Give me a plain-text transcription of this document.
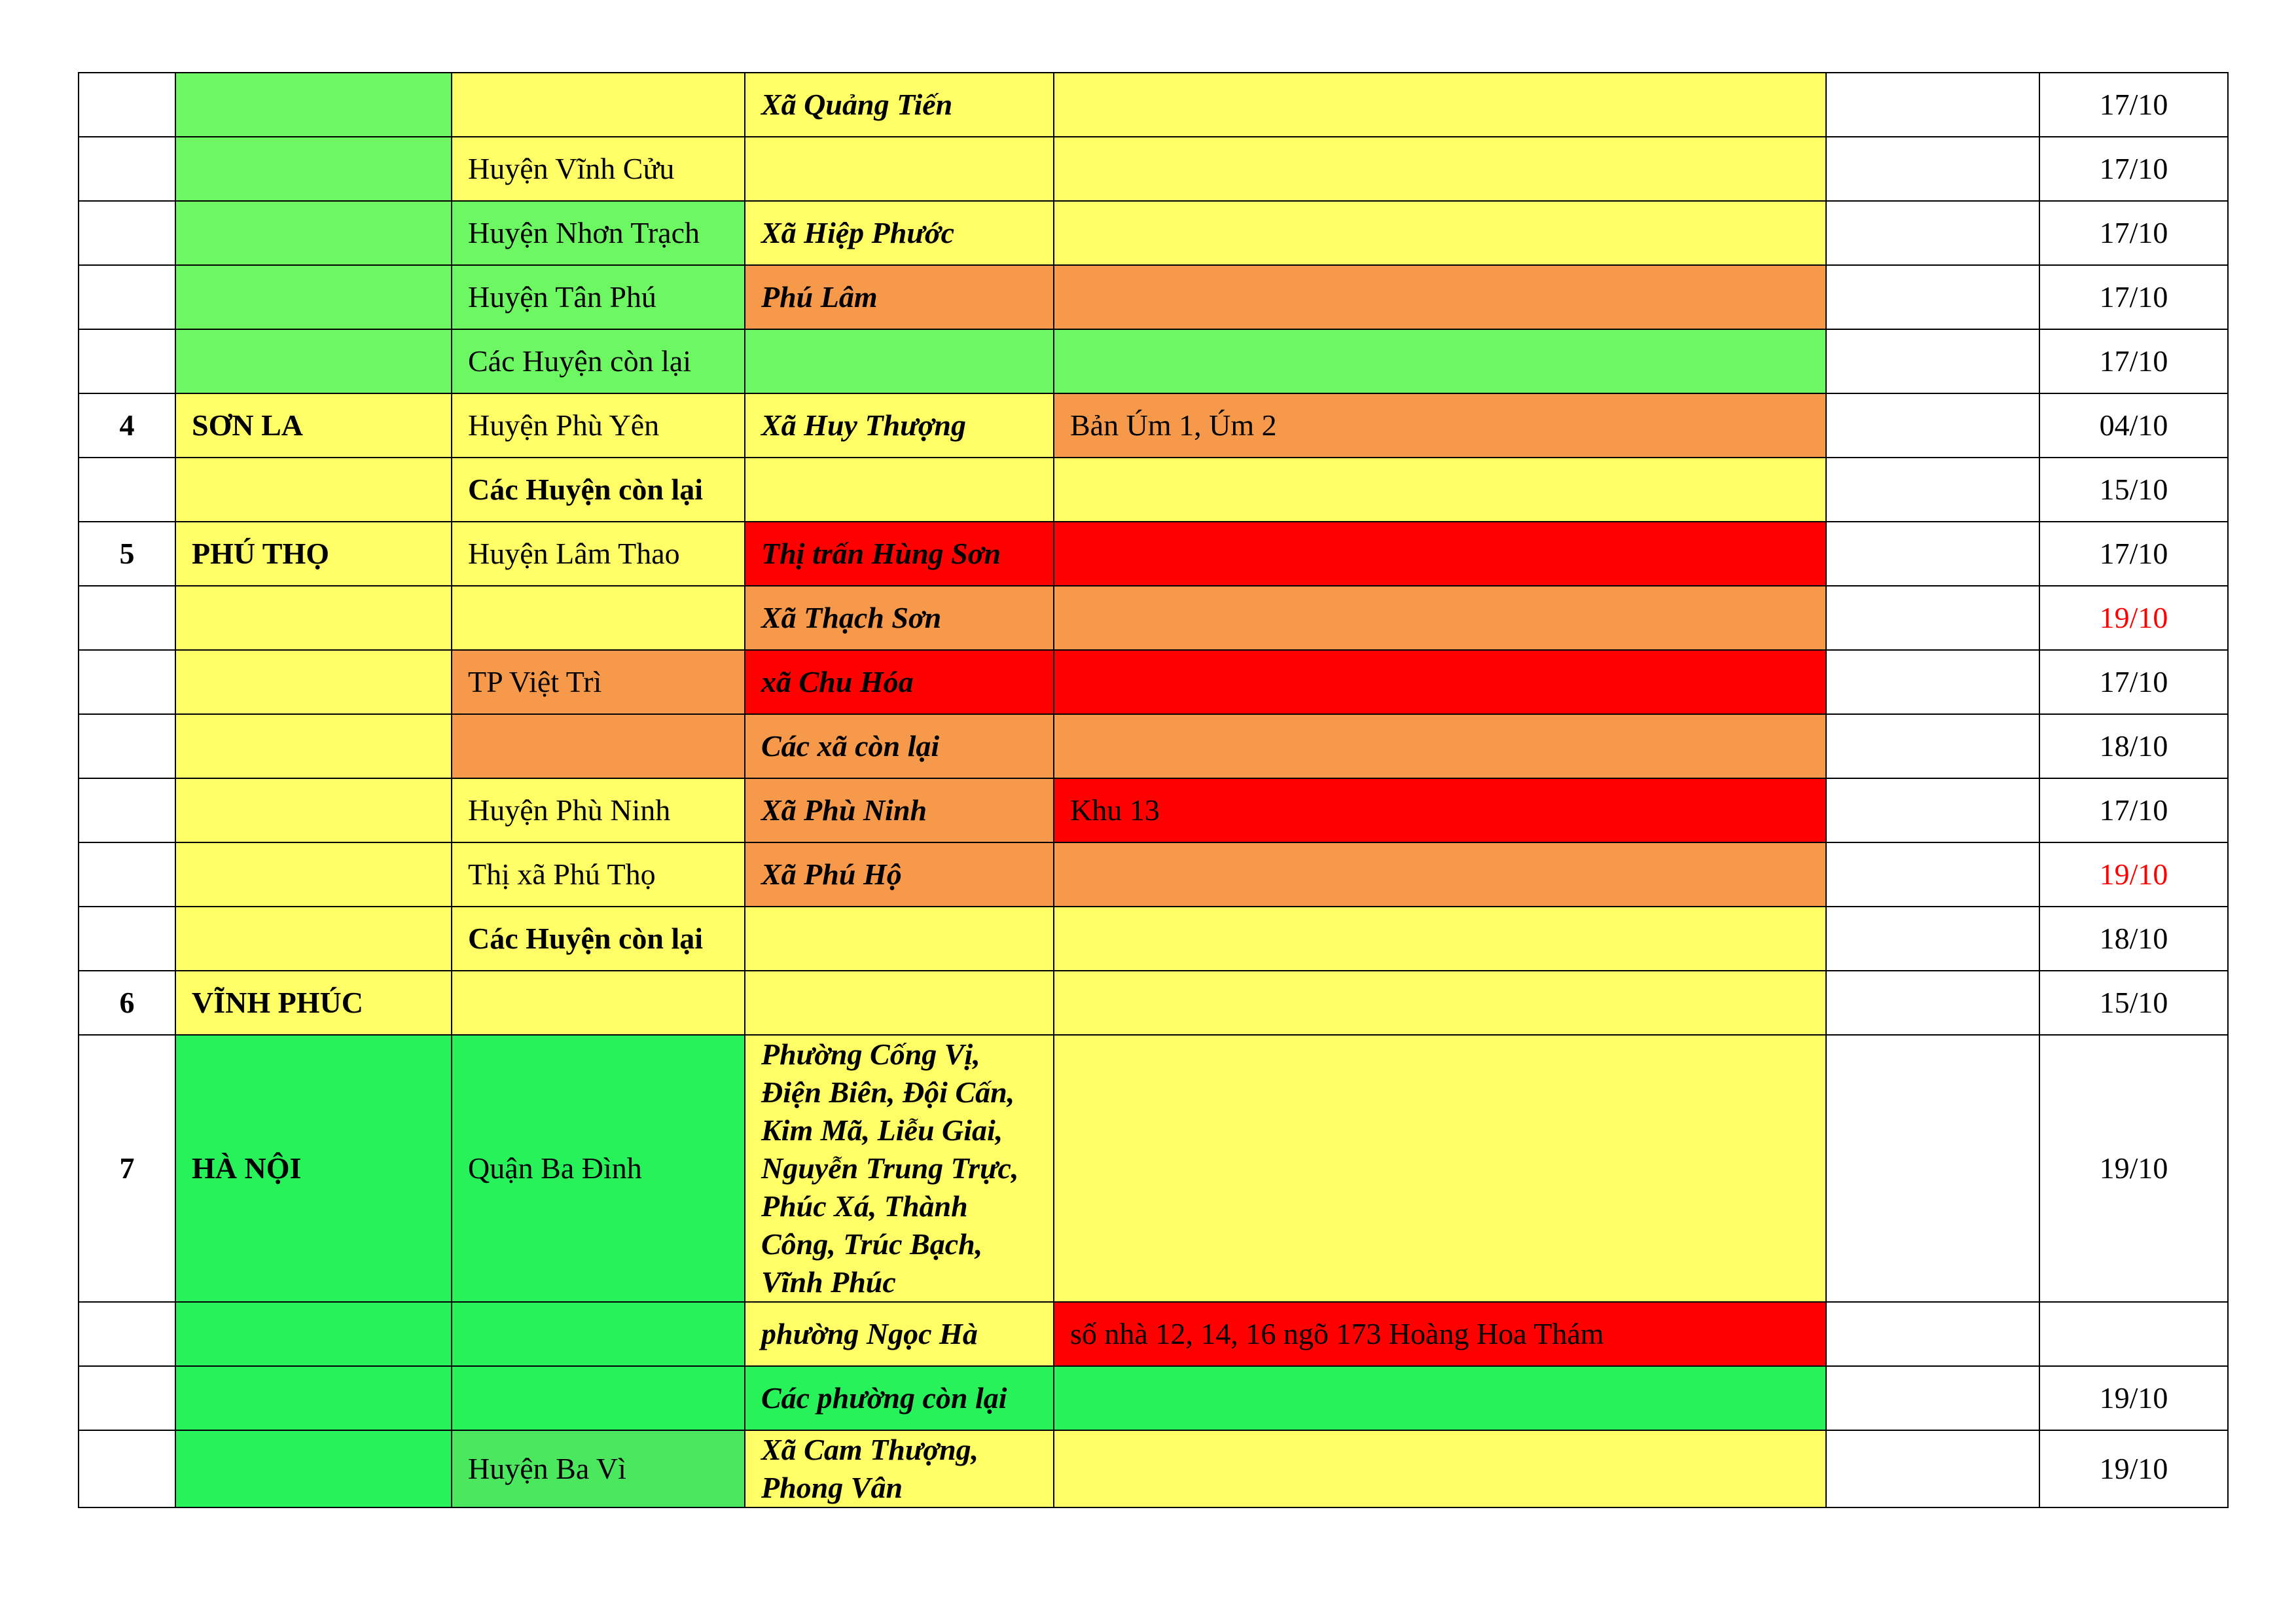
			Xã Quảng Tiến			17/10
		Huyện Vĩnh Cửu				17/10
		Huyện Nhơn Trạch	Xã Hiệp Phước			17/10
		Huyện Tân Phú	Phú Lâm			17/10
		Các Huyện còn lại				17/10
4	SƠN LA	Huyện Phù Yên	Xã Huy Thượng	Bản Úm 1, Úm 2		04/10
		Các Huyện còn lại				15/10
5	PHÚ THỌ	Huyện Lâm Thao	Thị trấn Hùng Sơn			17/10
			Xã Thạch Sơn			19/10
		TP Việt Trì	xã Chu Hóa			17/10
			Các xã còn lại			18/10
		Huyện Phù Ninh	Xã Phù Ninh	Khu 13		17/10
		Thị xã Phú Thọ	Xã Phú Hộ			19/10
		Các Huyện còn lại				18/10
6	VĨNH PHÚC					15/10
7	HÀ NỘI	Quận Ba Đình	Phường Cống Vị, Điện Biên, Đội Cấn, Kim Mã, Liễu Giai, Nguyễn Trung Trực, Phúc Xá, Thành Công, Trúc Bạch, Vĩnh Phúc			19/10
			phường Ngọc Hà	số nhà 12, 14, 16 ngõ 173 Hoàng Hoa Thám		
			Các phường còn lại			19/10
		Huyện Ba Vì	Xã Cam Thượng, Phong Vân			19/10
